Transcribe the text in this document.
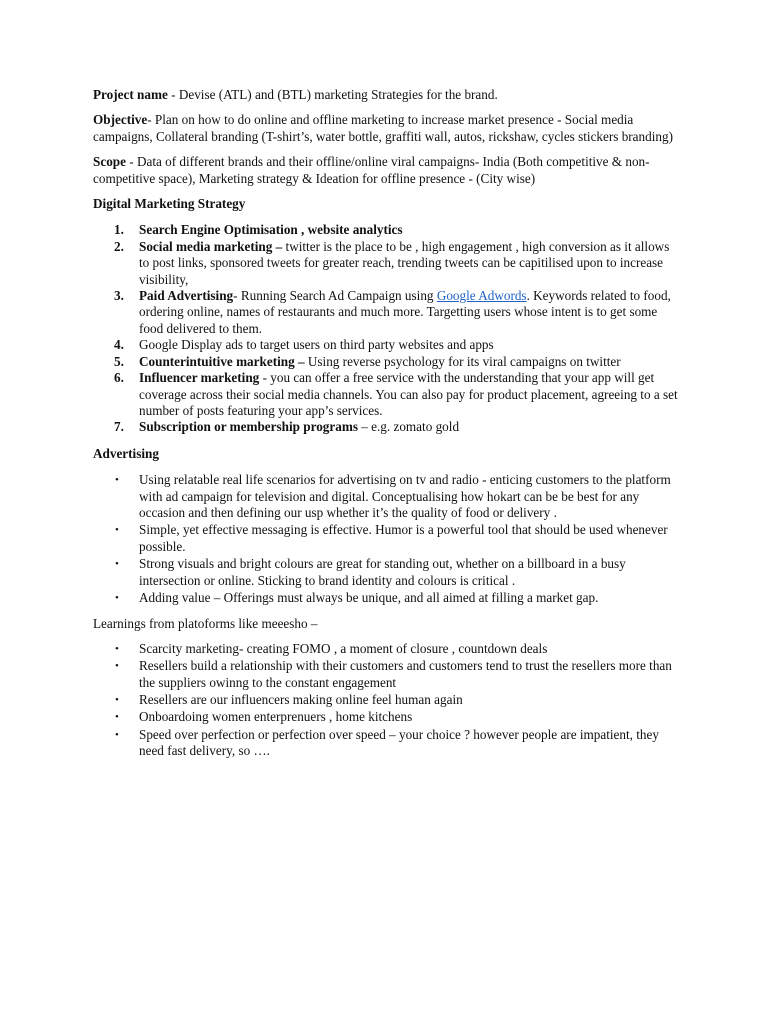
Project name - Devise (ATL) and (BTL) marketing Strategies for the brand.

Objective- Plan on how to do online and offline marketing to increase market presence - Social media campaigns, Collateral branding (T-shirt’s, water bottle, graffiti wall, autos, rickshaw, cycles stickers branding)

Scope - Data of different brands and their offline/online viral campaigns- India (Both competitive & non-competitive space), Marketing strategy & Ideation for offline presence - (City wise)

Digital Marketing Strategy
1. Search Engine Optimisation , website analytics
2. Social media marketing – twitter is the place to be , high engagement , high conversion as it allows to post links, sponsored tweets for greater reach, trending tweets can be capitilised upon to increase visibility,
3. Paid Advertising- Running Search Ad Campaign using Google Adwords. Keywords related to food, ordering online, names of restaurants and much more. Targetting users whose intent is to get some food delivered to them.
4. Google Display ads to target users on third party websites and apps
5. Counterintuitive marketing – Using reverse psychology for its viral campaigns on twitter
6. Influencer marketing - you can offer a free service with the understanding that your app will get coverage across their social media channels. You can also pay for product placement, agreeing to a set number of posts featuring your app’s services.
7. Subscription or membership programs – e.g. zomato gold
Advertising
• Using relatable real life scenarios for advertising on tv and radio - enticing customers to the platform with ad campaign for television and digital. Conceptualising how hokart can be be best for any occasion and then defining our usp whether it’s the quality of food or delivery .
• Simple, yet effective messaging is effective. Humor is a powerful tool that should be used whenever possible.
• Strong visuals and bright colours are great for standing out, whether on a billboard in a busy intersection or online. Sticking to brand identity and colours is critical .
• Adding value – Offerings must always be unique, and all aimed at filling a market gap.

Learnings from platoforms like meeesho –

• Scarcity marketing- creating FOMO , a moment of closure , countdown deals
• Resellers build a relationship with their customers and customers tend to trust the resellers more than the suppliers owinng to the constant engagement
• Resellers are our influencers making online feel human again
• Onboardoing women enterprenuers , home kitchens
• Speed over perfection or perfection over speed – your choice ? however people are impatient, they need fast delivery, so ….
